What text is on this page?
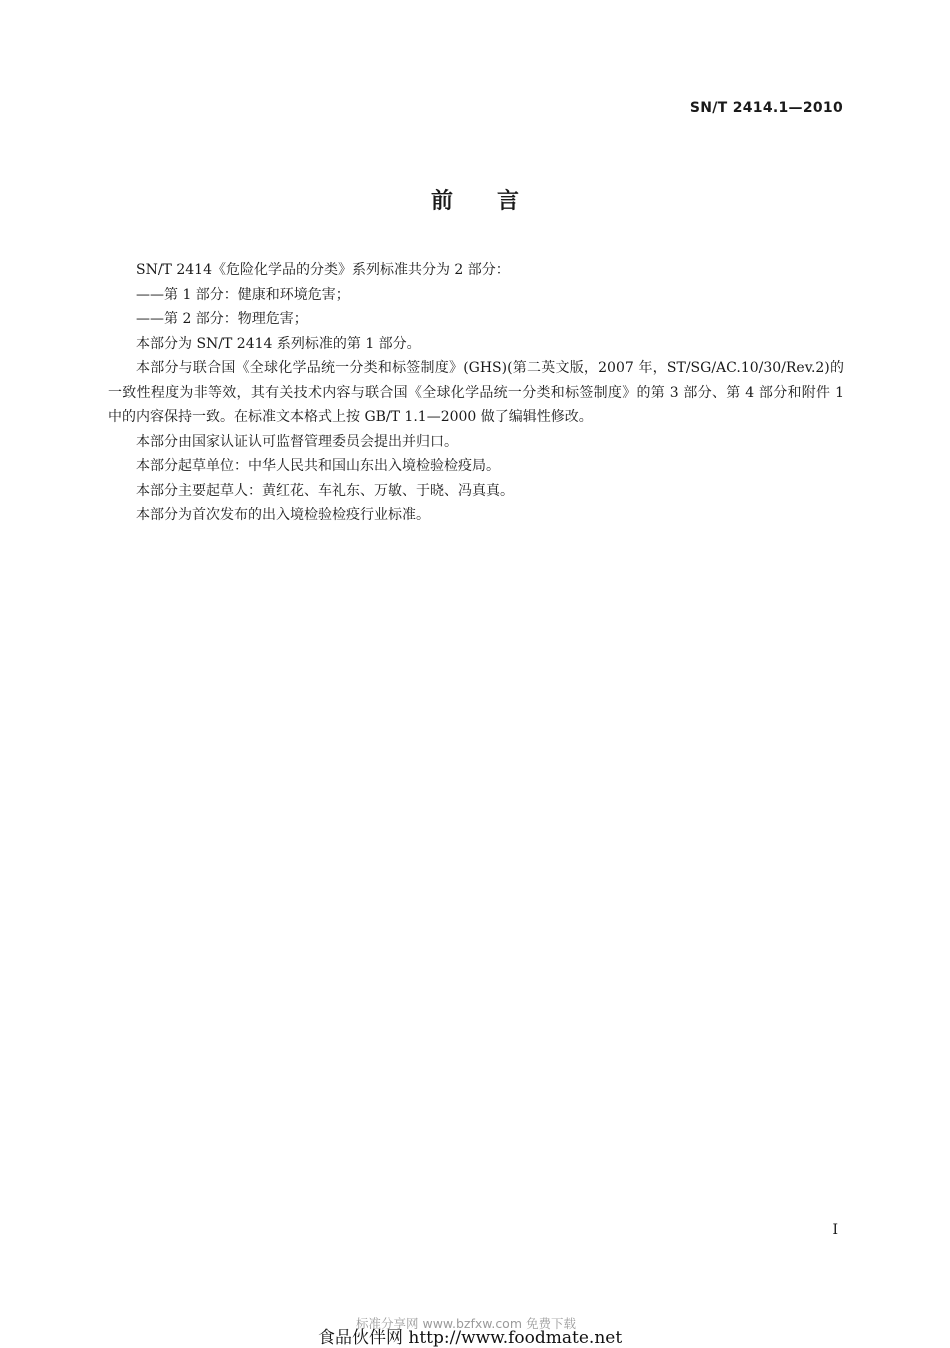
SN/T 2414.1—2010
前言

SN/T 2414《危险化学品的分类》系列标准共分为 2 部分：

——第 1 部分：健康和环境危害；

——第 2 部分：物理危害；

本部分为 SN/T 2414 系列标准的第 1 部分。

本部分与联合国《全球化学品统一分类和标签制度》(GHS)(第二英文版，2007 年，ST/SG/AC.10/30/Rev.2)的一致性程度为非等效，其有关技术内容与联合国《全球化学品统一分类和标签制度》的第 3 部分、第 4 部分和附件 1 中的内容保持一致。在标准文本格式上按 GB/T 1.1—2000 做了编辑性修改。

本部分由国家认证认可监督管理委员会提出并归口。

本部分起草单位：中华人民共和国山东出入境检验检疫局。

本部分主要起草人：黄红花、车礼东、万敏、于晓、冯真真。

本部分为首次发布的出入境检验检疫行业标准。

I
标准分享网 www.bzfxw.com 免费下载
食品伙伴网 http://www.foodmate.net
